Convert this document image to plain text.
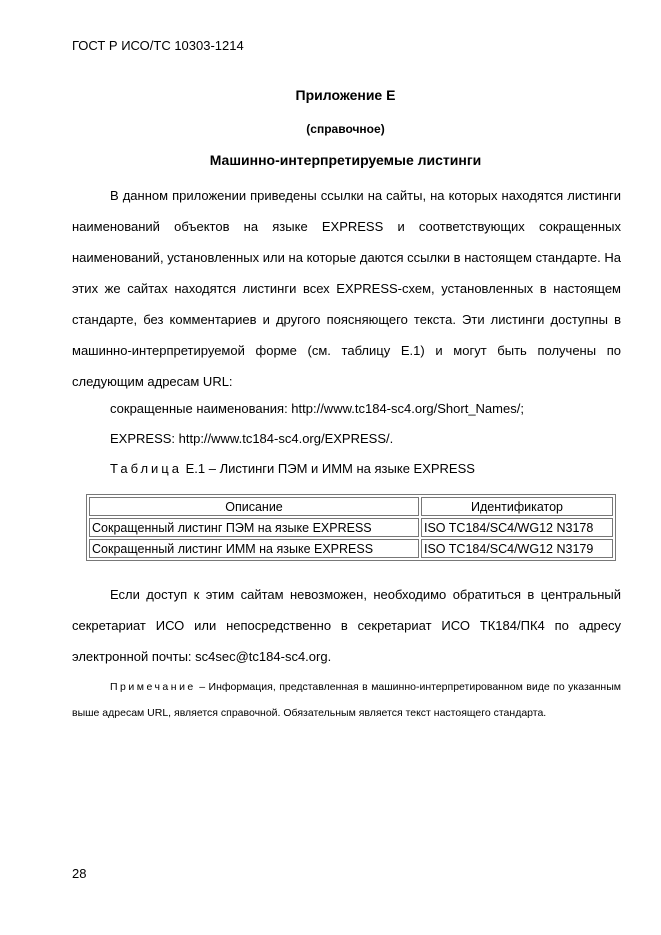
ГОСТ Р ИСО/ТС 10303-1214
Приложение Е
(справочное)
Машинно-интерпретируемые листинги
В данном приложении приведены ссылки на сайты, на которых находятся листинги наименований объектов на языке EXPRESS и соответствующих сокращенных наименований, установленных или на которые даются ссылки в настоящем стандарте. На этих же сайтах находятся листинги всех EXPRESS-схем, установленных в настоящем стандарте, без комментариев и другого поясняющего текста. Эти листинги доступны в машинно-интерпретируемой форме (см. таблицу Е.1) и могут быть получены по следующим адресам URL:
сокращенные наименования: http://www.tc184-sc4.org/Short_Names/;
EXPRESS: http://www.tc184-sc4.org/EXPRESS/.
Таблица Е.1 – Листинги ПЭМ и ИММ на языке EXPRESS
Описание	Идентификатор
Сокращенный листинг ПЭМ на языке EXPRESS	ISO TC184/SC4/WG12 N3178
Сокращенный листинг ИММ на языке EXPRESS	ISO TC184/SC4/WG12 N3179
Если доступ к этим сайтам невозможен, необходимо обратиться в центральный секретариат ИСО или непосредственно в секретариат ИСО ТК184/ПК4 по адресу электронной почты: sc4sec@tc184-sc4.org.
Примечание – Информация, представленная в машинно-интерпретированном виде по указанным выше адресам URL, является справочной. Обязательным является текст настоящего стандарта.
28
